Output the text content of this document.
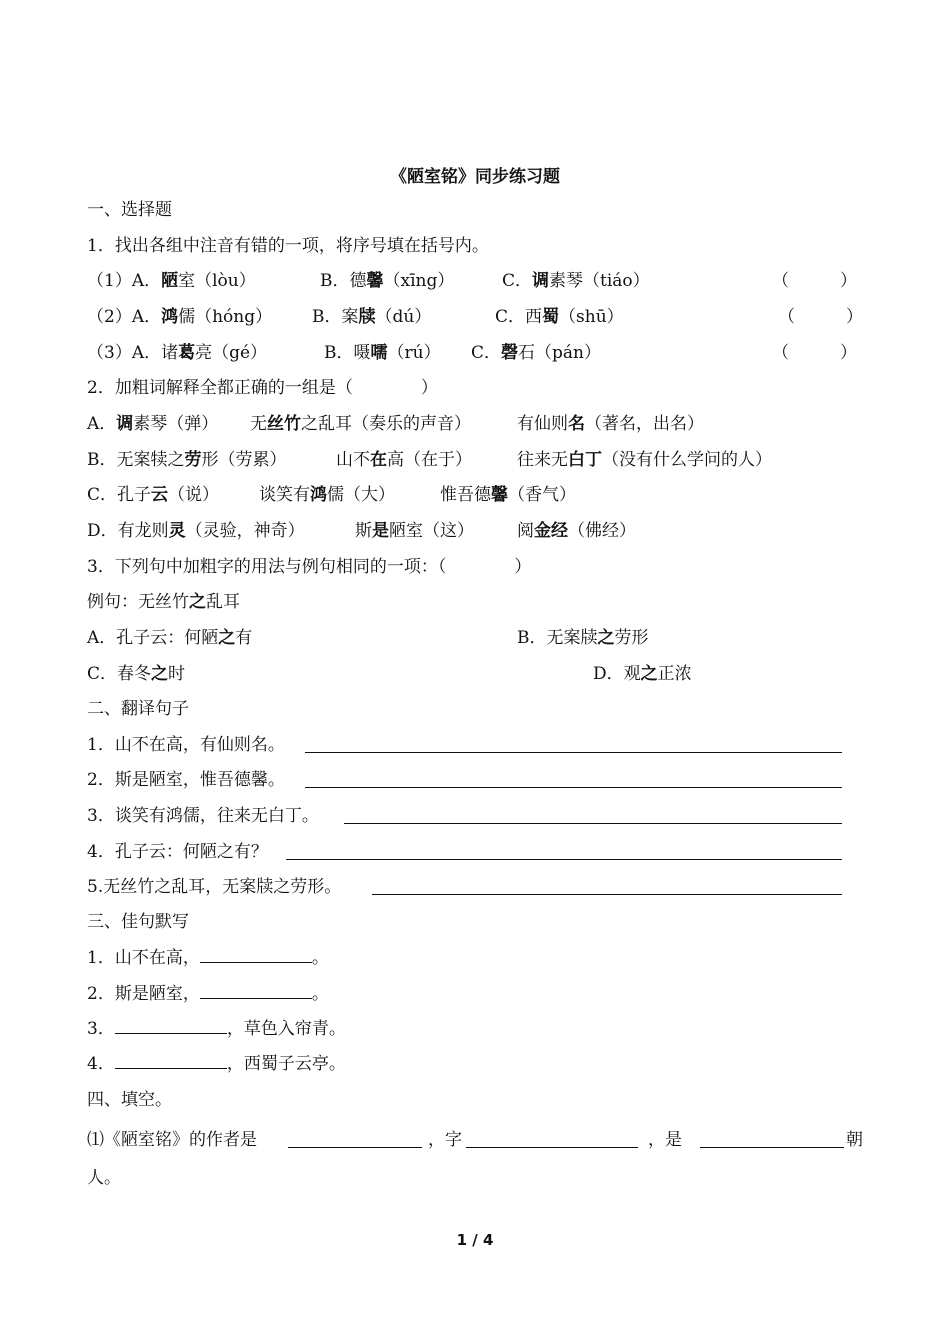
《陋室铭》同步练习题
一、选择题
1．找出各组中注音有错的一项，将序号填在括号内。
（1）A．陋室（lòu）	B．德馨（xīng）	C．调素琴（tiáo）	（　　　）
（2）A．鸿儒（hóng） B．案牍（dú）	C．西蜀（shū）	（　　　）
（3）A．诸葛亮（gé）	B．嗫嚅（rú） C．磬石（pán）	（　　　）
2．加粗词解释全都正确的一组是（　　　　）
A．调素琴（弹） 无丝竹之乱耳（奏乐的声音）	有仙则名（著名，出名）
B．无案犊之劳形（劳累）	山不在高（在于）	往来无白丁（没有什么学问的人）
C．孔子云（说） 谈笑有鸿儒（大）	惟吾德馨（香气）
D．有龙则灵（灵验，神奇）	斯是陋室（这）	阅金经（佛经）
3．下列句中加粗字的用法与例句相同的一项：（　　　　）
例句：无丝竹之乱耳
A．孔子云：何陋之有	B．无案牍之劳形
C．春冬之时	D．观之正浓
二、翻译句子
1．山不在高，有仙则名。
2．斯是陋室，惟吾德馨。
3．谈笑有鸿儒，往来无白丁。
4．孔子云：何陋之有？
5.无丝竹之乱耳，无案牍之劳形。
三、佳句默写
1．山不在高，	。
2．斯是陋室，	。
3．	，草色入帘青。
4．	，西蜀子云亭。
四、填空。
⑴《陋室铭》的作者是	，字	，是	朝
人。
1 / 4
